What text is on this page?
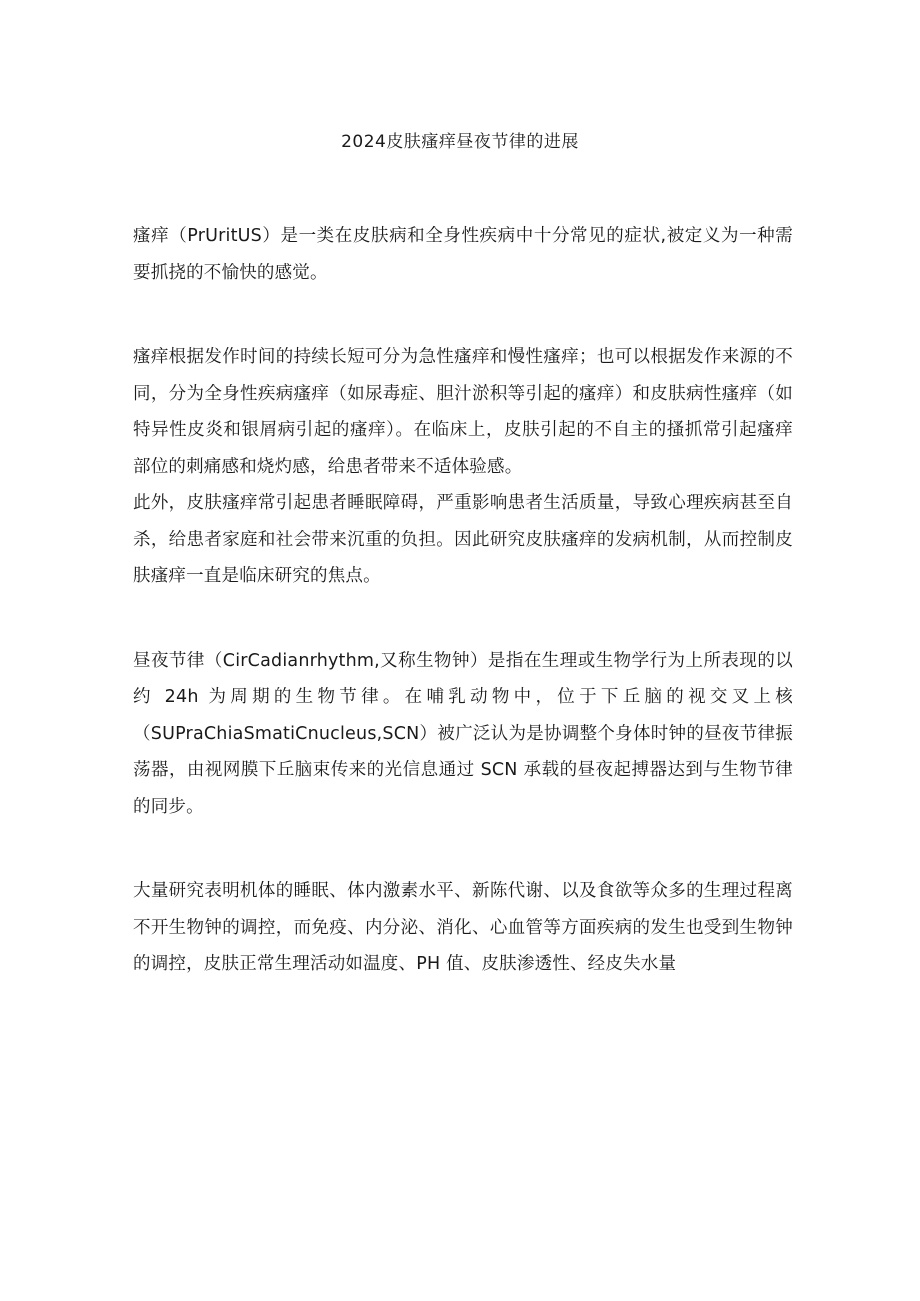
2024皮肤瘙痒昼夜节律的进展

瘙痒（PrUritUS）是一类在皮肤病和全身性疾病中十分常见的症状,被定义为一种需要抓挠的不愉快的感觉。

瘙痒根据发作时间的持续长短可分为急性瘙痒和慢性瘙痒；也可以根据发作来源的不同，分为全身性疾病瘙痒（如尿毒症、胆汁淤积等引起的瘙痒）和皮肤病性瘙痒（如特异性皮炎和银屑病引起的瘙痒）。在临床上，皮肤引起的不自主的搔抓常引起瘙痒部位的刺痛感和烧灼感，给患者带来不适体验感。

此外，皮肤瘙痒常引起患者睡眠障碍，严重影响患者生活质量，导致心理疾病甚至自杀，给患者家庭和社会带来沉重的负担。因此研究皮肤瘙痒的发病机制，从而控制皮肤瘙痒一直是临床研究的焦点。

昼夜节律（CirCadianrhythm,又称生物钟）是指在生理或生物学行为上所表现的以约 24h 为周期的生物节律。在哺乳动物中，位于下丘脑的视交叉上核（SUPraChiaSmatiCnucleus,SCN）被广泛认为是协调整个身体时钟的昼夜节律振荡器，由视网膜下丘脑束传来的光信息通过 SCN 承载的昼夜起搏器达到与生物节律的同步。

大量研究表明机体的睡眠、体内激素水平、新陈代谢、以及食欲等众多的生理过程离不开生物钟的调控，而免疫、内分泌、消化、心血管等方面疾病的发生也受到生物钟的调控，皮肤正常生理活动如温度、PH 值、皮肤渗透性、经皮失水量
